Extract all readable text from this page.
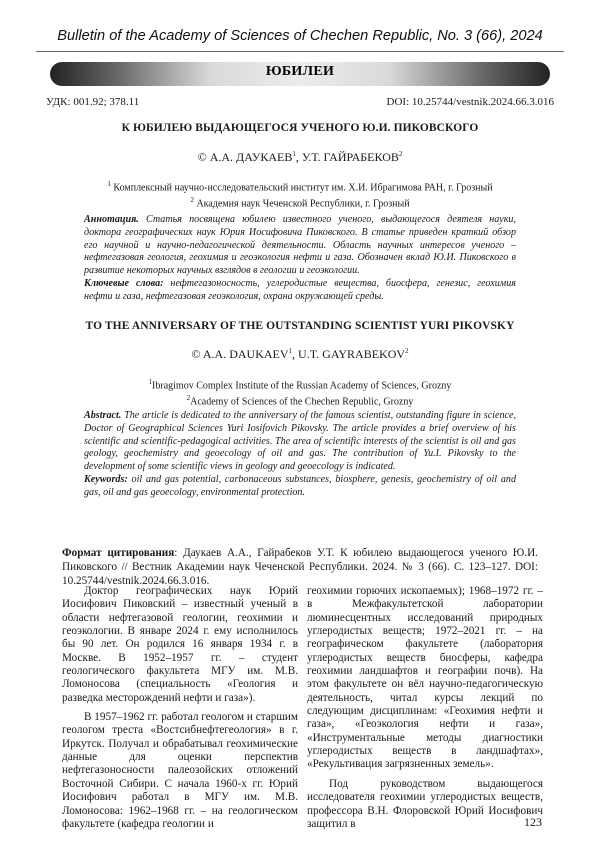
Bulletin of the Academy of Sciences of Chechen Republic, No. 3 (66), 2024
ЮБИЛЕИ
УДК: 001.92; 378.11	DOI: 10.25744/vestnik.2024.66.3.016
К ЮБИЛЕЮ ВЫДАЮЩЕГОСЯ УЧЕНОГО Ю.И. ПИКОВСКОГО
© А.А. ДАУКАЕВ$^1$, У.Т. ГАЙРАБЕКОВ$^2$
$^1$ Комплексный научно-исследовательский институт им. Х.И. Ибрагимова РАН, г. Грозный
$^2$ Академия наук Чеченской Республики, г. Грозный
Аннотация. Статья посвящена юбилею известного ученого, выдающегося деятеля науки, доктора географических наук Юрия Иосифовича Пиковского. В статье приведен краткий обзор его научной и научно-педагогической деятельности. Область научных интересов ученого – нефтегазовая геология, геохимия и геоэкология нефти и газа. Обозначен вклад Ю.И. Пиковского в развитие некоторых научных взглядов в геологии и геоэкологии.
Ключевые слова: нефтегазоносность, углеродистые вещества, биосфера, генезис, геохимия нефти и газа, нефтегазовая геоэкология, охрана окружающей среды.
TO THE ANNIVERSARY OF THE OUTSTANDING SCIENTIST YURI PIKOVSKY
© A.A. DAUKAEV$^1$, U.T. GAYRABEKOV$^2$
$^1$Ibragimov Complex Institute of the Russian Academy of Sciences, Grozny
$^2$Academy of Sciences of the Chechen Republic, Grozny
Abstract. The article is dedicated to the anniversary of the famous scientist, outstanding figure in science, Doctor of Geographical Sciences Yuri Iosifovich Pikovsky. The article provides a brief overview of his scientific and scientific-pedagogical activities. The area of scientific interests of the scientist is oil and gas geology, geochemistry and geoecology of oil and gas. The contribution of Yu.I. Pikovsky to the development of some scientific views in geology and geoecology is indicated.
Keywords: oil and gas potential, carbonaceous substances, biosphere, genesis, geochemistry of oil and gas, oil and gas geoecology, environmental protection.
Формат цитирования: Даукаев А.А., Гайрабеков У.Т. К юбилею выдающегося ученого Ю.И. Пиковского // Вестник Академии наук Чеченской Республики. 2024. № 3 (66). С. 123–127. DOI: 10.25744/vestnik.2024.66.3.016.

Доктор географических наук Юрий Иосифович Пиковский – известный ученый в области нефтегазовой геологии, геохимии и геоэкологии. В январе 2024 г. ему исполнилось бы 90 лет. Он родился 16 января 1934 г. в Москве. В 1952–1957 гг. – студент геологического факультета МГУ им. М.В. Ломоносова (специальность «Геология и разведка месторождений нефти и газа»).

В 1957–1962 гг. работал геологом и старшим геологом треста «Востсибнефтегеология» в г. Иркутск. Получал и обрабатывал геохимические данные для оценки перспектив нефтегазоносности палеозойских отложений Восточной Сибири. С начала 1960-х гг. Юрий Иосифович работал в МГУ им. М.В. Ломоносова: 1962–1968 гг. – на геологическом факультете (кафедра геологии и

геохимии горючих ископаемых); 1968–1972 гг. – в Межфакультетской лаборатории люминесцентных исследований природных углеродистых веществ; 1972–2021 гг. – на географическом факультете (лаборатория углеродистых веществ биосферы, кафедра геохимии ландшафтов и географии почв). На этом факультете он вёл научно-педагогическую деятельность, читал курсы лекций по следующим дисциплинам: «Геохимия нефти и газа», «Геоэкология нефти и газа», «Инструментальные методы диагностики углеродистых веществ в ландшафтах», «Рекультивация загрязненных земель».

Под руководством выдающегося исследователя геохимии углеродистых веществ, профессора В.Н. Флоровской Юрий Иосифович защитил в	123
